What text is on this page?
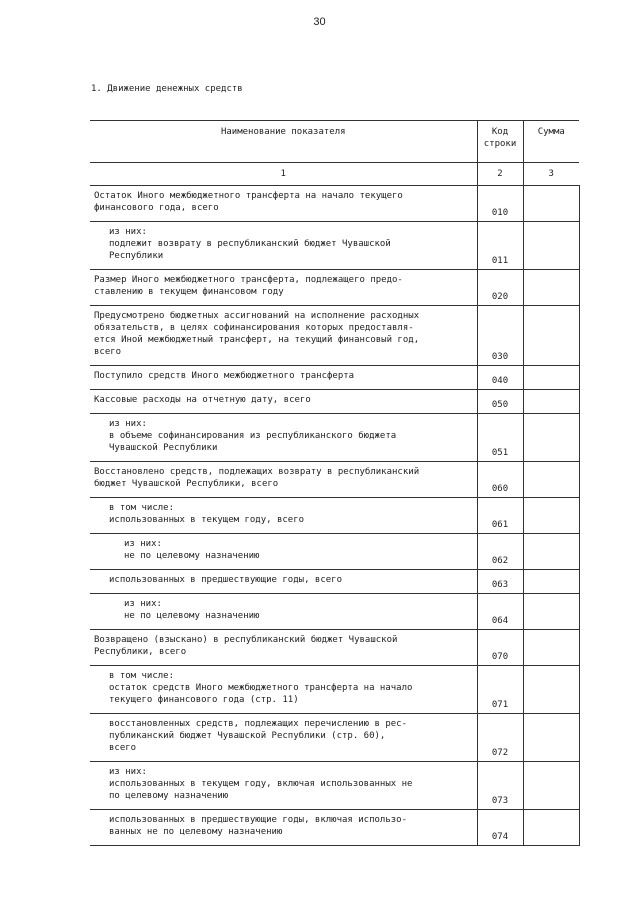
30
1. Движение денежных средств
Наименование показателя	Код строки	Сумма
1	2	3
Остаток Иного межбюджетного трансферта на начало текущего
финансового года, всего	010	
из них:
подлежит возврату в республиканский бюджет Чувашской
Республики	011	
Размер Иного межбюджетного трансферта, подлежащего предо-
ставлению в текущем финансовом году	020	
Предусмотрено бюджетных ассигнований на исполнение расходных
обязательств, в целях софинансирования которых предоставля-
ется Иной межбюджетный трансферт, на текущий финансовый год,
всего	030	
Поступило средств Иного межбюджетного трансферта	040	
Кассовые расходы на отчетную дату, всего	050	
из них:
в объеме софинансирования из республиканского бюджета
Чувашской Республики	051	
Восстановлено средств, подлежащих возврату в республиканский
бюджет Чувашской Республики, всего	060	
в том числе:
использованных в текущем году, всего	061	
из них:
не по целевому назначению	062	
использованных в предшествующие годы, всего	063	
из них:
не по целевому назначению	064	
Возвращено (взыскано) в республиканский бюджет Чувашской
Республики, всего	070	
в том числе:
остаток средств Иного межбюджетного трансферта на начало
текущего финансового года (стр. 11)	071	
восстановленных средств, подлежащих перечислению в рес-
публиканский бюджет Чувашской Республики (стр. 60),
всего	072	
из них:
использованных в текущем году, включая использованных не
по целевому назначению	073	
использованных в предшествующие годы, включая использо-
ванных не по целевому назначению	074	
